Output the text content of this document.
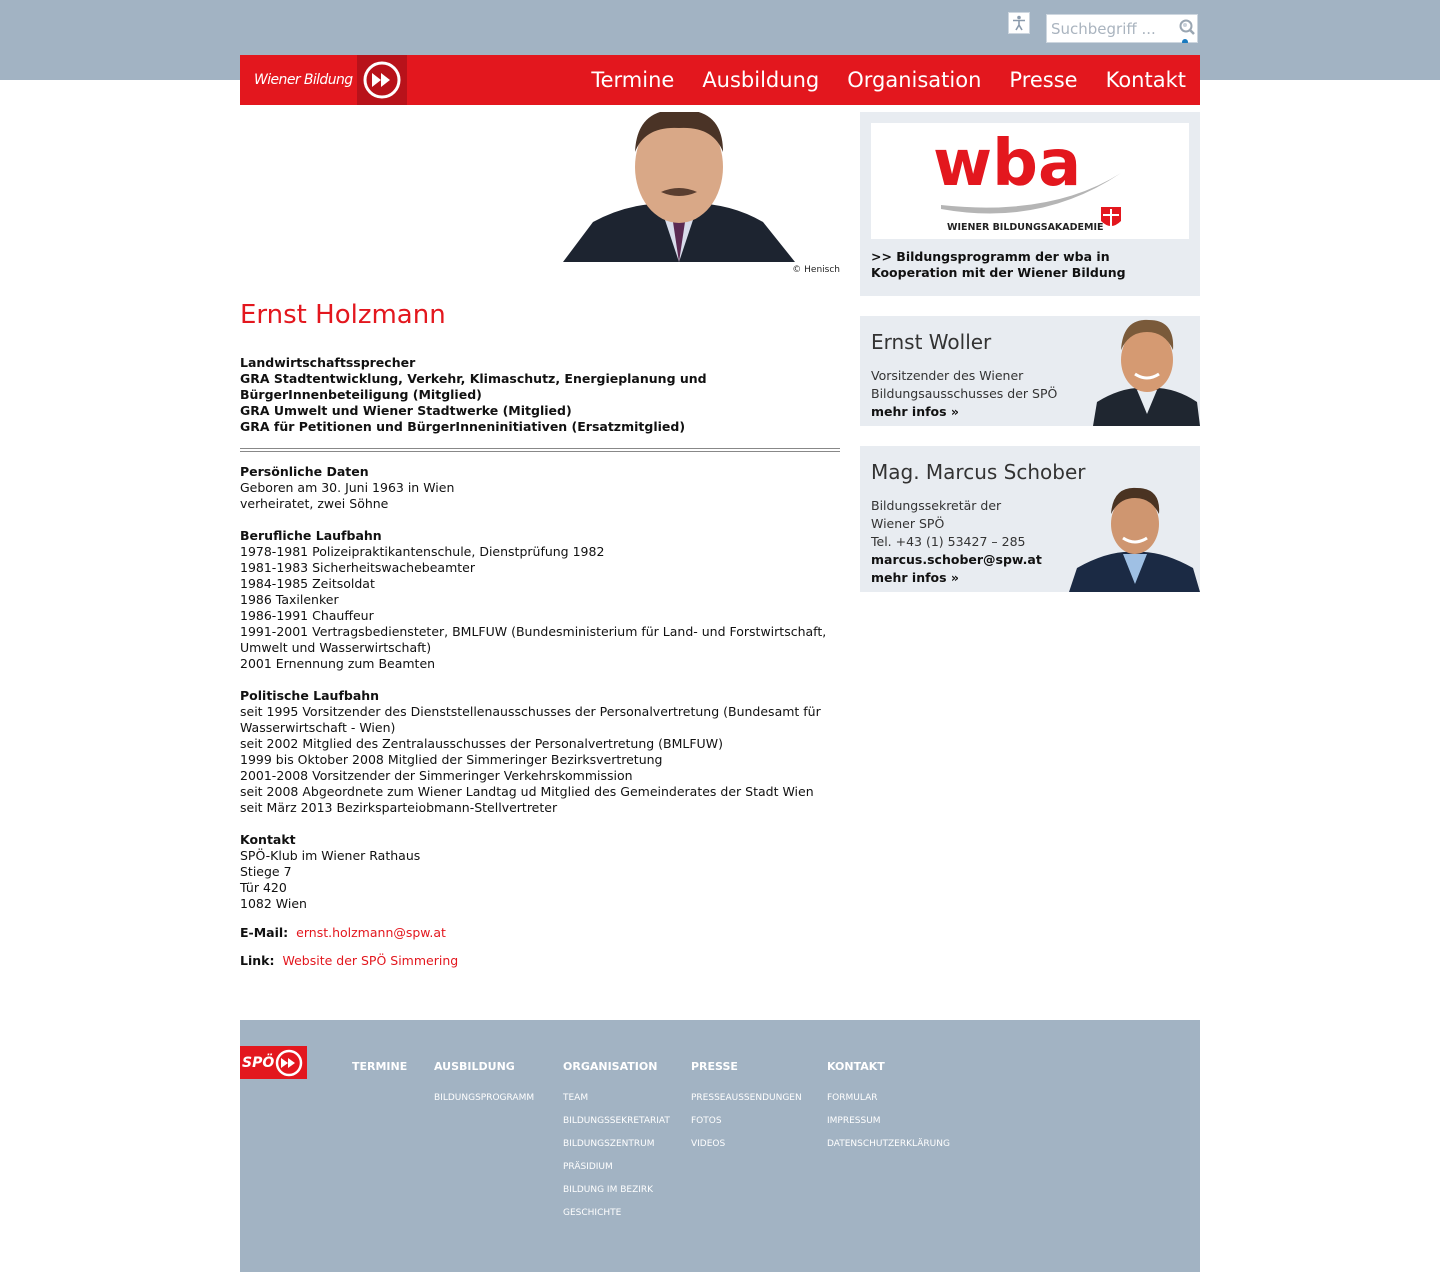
Suchbegriff ...
Wiener Bildung	Termine	Ausbildung	Organisation	Presse	Kontakt
© Henisch
Ernst Holzmann
Landwirtschaftssprecher
GRA Stadtentwicklung, Verkehr, Klimaschutz, Energieplanung und BürgerInnenbeteiligung (Mitglied)
GRA Umwelt und Wiener Stadtwerke (Mitglied)
GRA für Petitionen und BürgerInneninitiativen (Ersatzmitglied)
Persönliche Daten
Geboren am 30. Juni 1963 in Wien
verheiratet, zwei Söhne
Berufliche Laufbahn
1978-1981 Polizeipraktikantenschule, Dienstprüfung 1982
1981-1983 Sicherheitswachebeamter
1984-1985 Zeitsoldat
1986 Taxilenker
1986-1991 Chauffeur
1991-2001 Vertragsbediensteter, BMLFUW (Bundesministerium für Land- und Forstwirtschaft, Umwelt und Wasserwirtschaft)
2001 Ernennung zum Beamten
Politische Laufbahn
seit 1995 Vorsitzender des Dienststellenausschusses der Personalvertretung (Bundesamt für Wasserwirtschaft - Wien)
seit 2002 Mitglied des Zentralausschusses der Personalvertretung (BMLFUW)
1999 bis Oktober 2008 Mitglied der Simmeringer Bezirksvertretung
2001-2008 Vorsitzender der Simmeringer Verkehrskommission
seit 2008 Abgeordnete zum Wiener Landtag ud Mitglied des Gemeinderates der Stadt Wien
seit März 2013 Bezirksparteiobmann-Stellvertreter
Kontakt
SPÖ-Klub im Wiener Rathaus
Stiege 7
Tür 420
1082 Wien
E-Mail: ernst.holzmann@spw.at
Link: Website der SPÖ Simmering
wba
WIENER BILDUNGSAKADEMIE
>> Bildungsprogramm der wba in Kooperation mit der Wiener Bildung
Ernst Woller
Vorsitzender des Wiener
Bildungsausschusses der SPÖ
mehr infos »
Mag. Marcus Schober
Bildungssekretär der
Wiener SPÖ
Tel. +43 (1) 53427 – 285
marcus.schober@spw.at
mehr infos »
SPÖ	TERMINE AUSBILDUNG
BILDUNGSPROGRAMM
ORGANISATION
TEAM
BILDUNGSSEKRETARIAT
BILDUNGSZENTRUM
PRÄSIDIUM
BILDUNG IM BEZIRK
GESCHICHTE
PRESSE
PRESSEAUSSENDUNGEN
FOTOS
VIDEOS
KONTAKT
FORMULAR
IMPRESSUM
DATENSCHUTZERKLÄRUNG
